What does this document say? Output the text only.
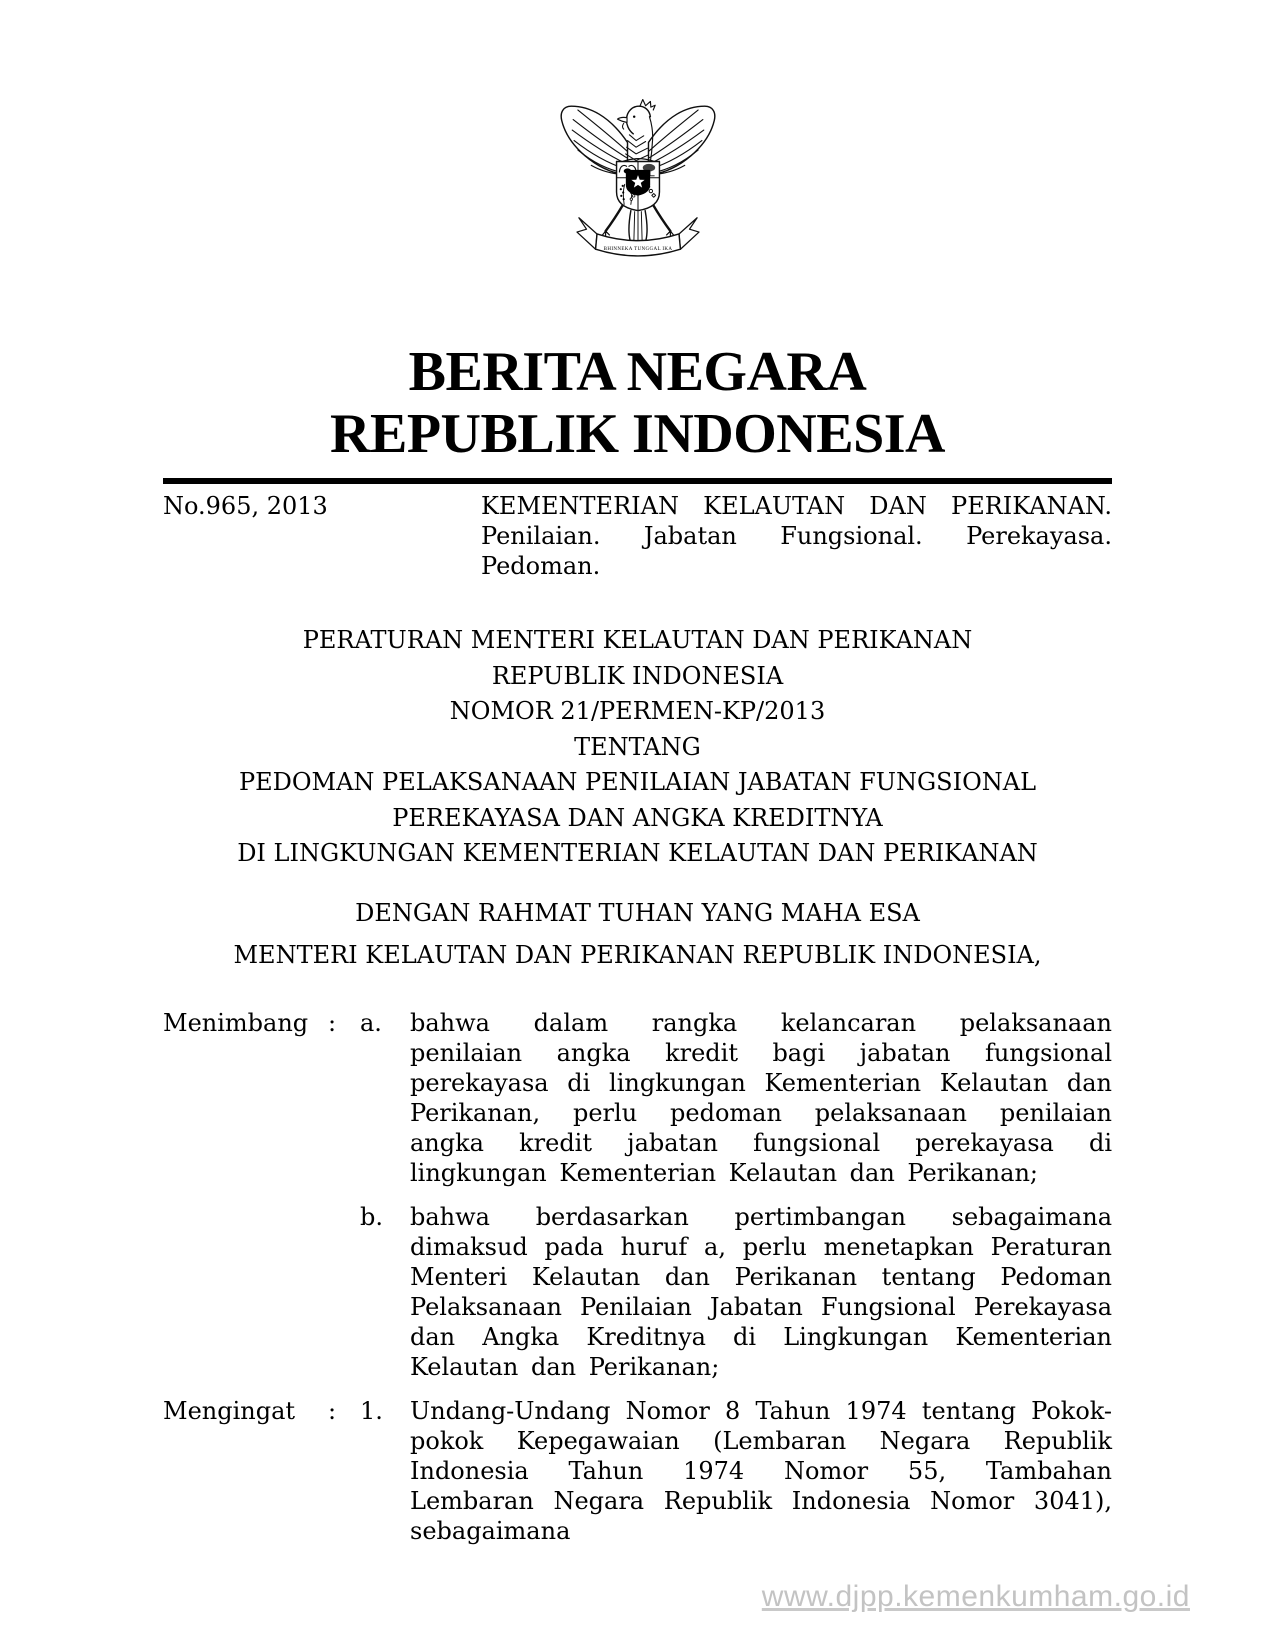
BHINNEKA TUNGGAL IKA
BERITA NEGARA
REPUBLIK INDONESIA
No.965, 2013	KEMENTERIAN KELAUTAN DAN PERIKANAN.
Penilaian. Jabatan Fungsional. Perekayasa.
Pedoman.
PERATURAN MENTERI KELAUTAN DAN PERIKANAN
REPUBLIK INDONESIA
NOMOR 21/PERMEN-KP/2013
TENTANG
PEDOMAN PELAKSANAAN PENILAIAN JABATAN FUNGSIONAL
PEREKAYASA DAN ANGKA KREDITNYA
DI LINGKUNGAN KEMENTERIAN KELAUTAN DAN PERIKANAN
DENGAN RAHMAT TUHAN YANG MAHA ESA
MENTERI KELAUTAN DAN PERIKANAN REPUBLIK INDONESIA,
Menimbang : a.	bahwa dalam rangka kelancaran pelaksanaan penilaian angka kredit bagi jabatan fungsional perekayasa di lingkungan Kementerian Kelautan dan Perikanan, perlu pedoman pelaksanaan penilaian angka kredit jabatan fungsional perekayasa di lingkungan Kementerian Kelautan dan Perikanan;
b.	bahwa berdasarkan pertimbangan sebagaimana dimaksud pada huruf a, perlu menetapkan Peraturan Menteri Kelautan dan Perikanan tentang Pedoman Pelaksanaan Penilaian Jabatan Fungsional Perekayasa dan Angka Kreditnya di Lingkungan Kementerian Kelautan dan Perikanan;
Mengingat	: 1.	Undang-Undang Nomor 8 Tahun 1974 tentang Pokok-pokok Kepegawaian (Lembaran Negara Republik Indonesia Tahun 1974 Nomor 55, Tambahan Lembaran Negara Republik Indonesia Nomor 3041), sebagaimana
www.djpp.kemenkumham.go.id
